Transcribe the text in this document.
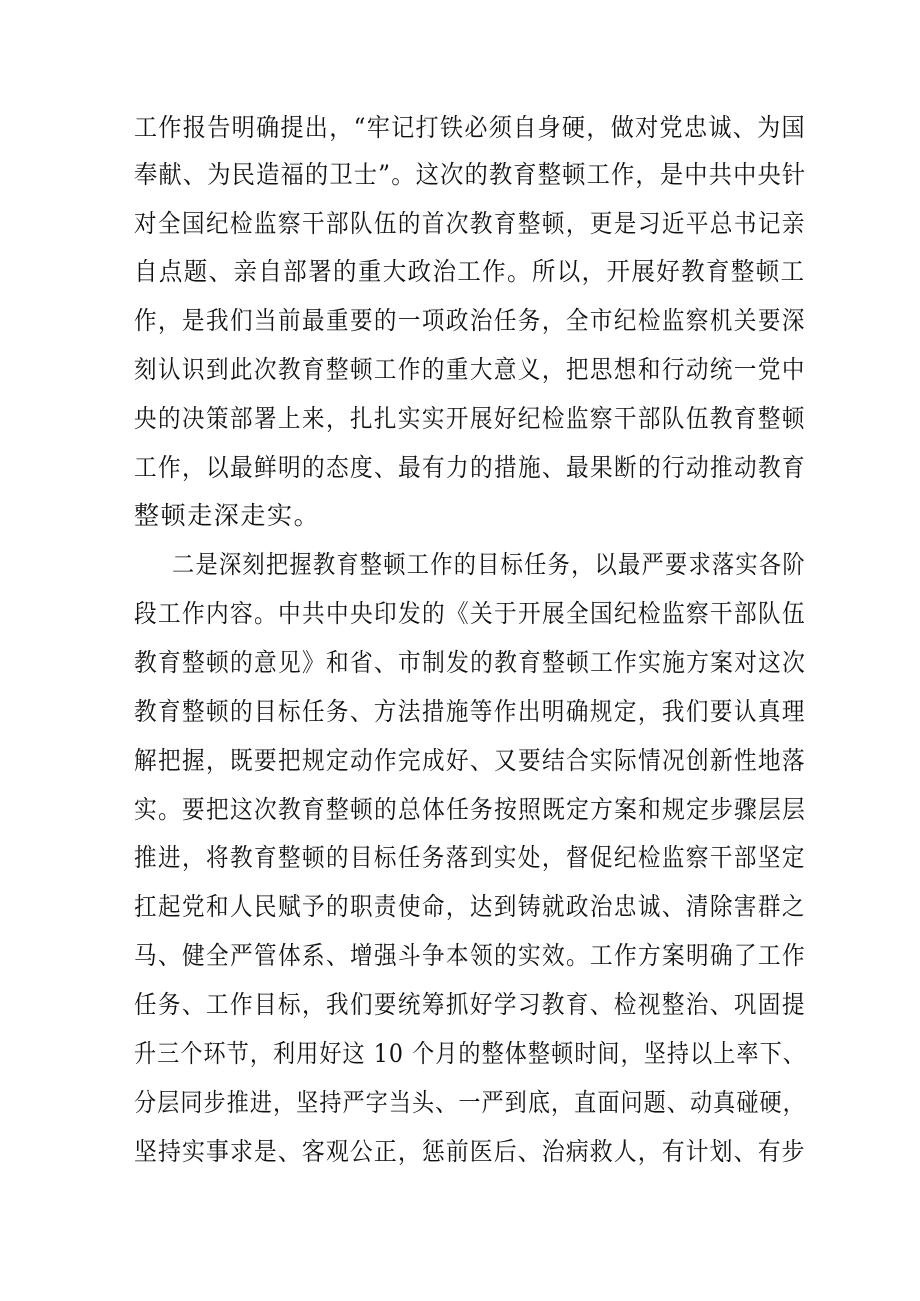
工作报告明确提出，“牢记打铁必须自身硬，做对党忠诚、为国
奉献、为民造福的卫士”。这次的教育整顿工作，是中共中央针
对全国纪检监察干部队伍的首次教育整顿，更是习近平总书记亲
自点题、亲自部署的重大政治工作。所以，开展好教育整顿工
作，是我们当前最重要的一项政治任务，全市纪检监察机关要深
刻认识到此次教育整顿工作的重大意义，把思想和行动统一党中
央的决策部署上来，扎扎实实开展好纪检监察干部队伍教育整顿
工作，以最鲜明的态度、最有力的措施、最果断的行动推动教育
整顿走深走实。
二是深刻把握教育整顿工作的目标任务，以最严要求落实各阶
段工作内容。中共中央印发的《关于开展全国纪检监察干部队伍
教育整顿的意见》和省、市制发的教育整顿工作实施方案对这次
教育整顿的目标任务、方法措施等作出明确规定，我们要认真理
解把握，既要把规定动作完成好、又要结合实际情况创新性地落
实。要把这次教育整顿的总体任务按照既定方案和规定步骤层层
推进，将教育整顿的目标任务落到实处，督促纪检监察干部坚定
扛起党和人民赋予的职责使命，达到铸就政治忠诚、清除害群之
马、健全严管体系、增强斗争本领的实效。工作方案明确了工作
任务、工作目标，我们要统筹抓好学习教育、检视整治、巩固提
升三个环节，利用好这 10 个月的整体整顿时间，坚持以上率下、
分层同步推进，坚持严字当头、一严到底，直面问题、动真碰硬，
坚持实事求是、客观公正，惩前医后、治病救人，有计划、有步
